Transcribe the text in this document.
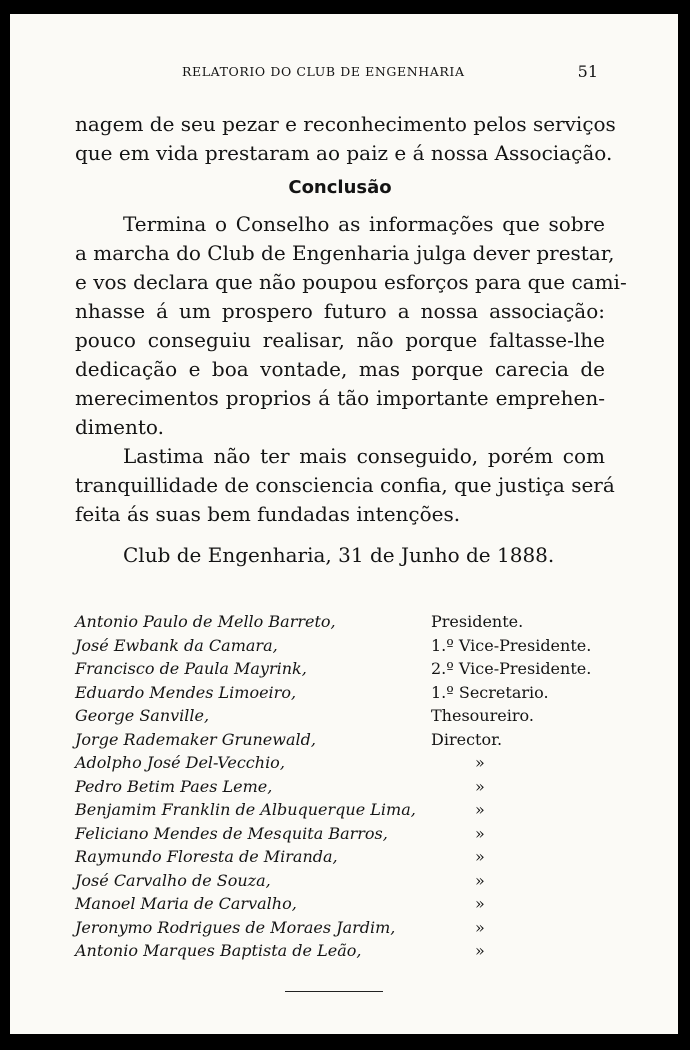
RELATORIO DO CLUB DE ENGENHARIA	51
nagem de seu pezar e reconhecimento pelos serviços
que em vida prestaram ao paiz e á nossa Associação.
Conclusão
Termina o Conselho as informações que sobre
a marcha do Club de Engenharia julga dever prestar,
e vos declara que não poupou esforços para que cami-
nhasse á um prospero futuro a nossa associação:
pouco conseguiu realisar, não porque faltasse-lhe
dedicação e boa vontade, mas porque carecia de
merecimentos proprios á tão importante emprehen-
dimento.
Lastima não ter mais conseguido, porém com
tranquillidade de consciencia confia, que justiça será
feita ás suas bem fundadas intenções.
Club de Engenharia, 31 de Junho de 1888.
Antonio Paulo de Mello Barreto,	Presidente.
José Ewbank da Camara,	1.º Vice-Presidente.
Francisco de Paula Mayrink,	2.º Vice-Presidente.
Eduardo Mendes Limoeiro,	1.º Secretario.
George Sanville,	Thesoureiro.
Jorge Rademaker Grunewald,	Director.
Adolpho José Del-Vecchio,	»
Pedro Betim Paes Leme,	»
Benjamim Franklin de Albuquerque Lima,	»
Feliciano Mendes de Mesquita Barros,	»
Raymundo Floresta de Miranda,	»
José Carvalho de Souza,	»
Manoel Maria de Carvalho,	»
Jeronymo Rodrigues de Moraes Jardim,	»
Antonio Marques Baptista de Leão,	»
